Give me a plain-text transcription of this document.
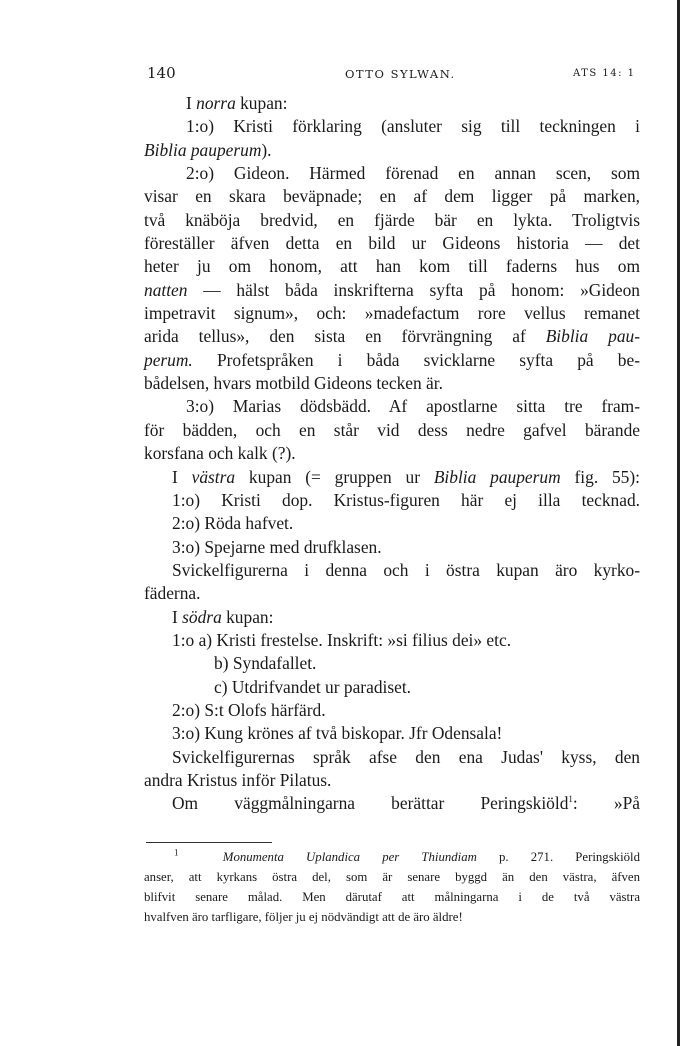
140	OTTO SYLWAN.	ATS 14: 1
I norra kupan:
1:o) Kristi förklaring (ansluter sig till teckningen i
Biblia pauperum).
2:o) Gideon. Härmed förenad en annan scen, som
visar en skara beväpnade; en af dem ligger på marken,
två knäböja bredvid, en fjärde bär en lykta. Troligtvis
föreställer äfven detta en bild ur Gideons historia — det
heter ju om honom, att han kom till faderns hus om
natten — hälst båda inskrifterna syfta på honom: »Gideon
impetravit signum», och: »madefactum rore vellus remanet
arida tellus», den sista en förvrängning af Biblia pau-
perum. Profetspråken i båda svicklarne syfta på be-
bådelsen, hvars motbild Gideons tecken är.
3:o) Marias dödsbädd. Af apostlarne sitta tre fram-
för bädden, och en står vid dess nedre gafvel bärande
korsfana och kalk (?).
I västra kupan (= gruppen ur Biblia pauperum fig. 55):
1:o) Kristi dop. Kristus-figuren här ej illa tecknad.
2:o) Röda hafvet.
3:o) Spejarne med drufklasen.
Svickelfigurerna i denna och i östra kupan äro kyrko-
fäderna.
I södra kupan:
1:o a) Kristi frestelse. Inskrift: »si filius dei» etc.
b) Syndafallet.
c) Utdrifvandet ur paradiset.
2:o) S:t Olofs härfärd.
3:o) Kung krönes af två biskopar. Jfr Odensala!
Svickelfigurernas språk afse den ena Judas' kyss, den
andra Kristus inför Pilatus.
Om väggmålningarna berättar Peringskiöld$^1$: »På
$^1$	Monumenta Uplandica per Thiundiam p. 271. Peringskiöld
anser, att kyrkans östra del, som är senare byggd än den västra, äfven
blifvit senare målad. Men därutaf att målningarna i de två västra
hvalfven äro tarfligare, följer ju ej nödvändigt att de äro äldre!
